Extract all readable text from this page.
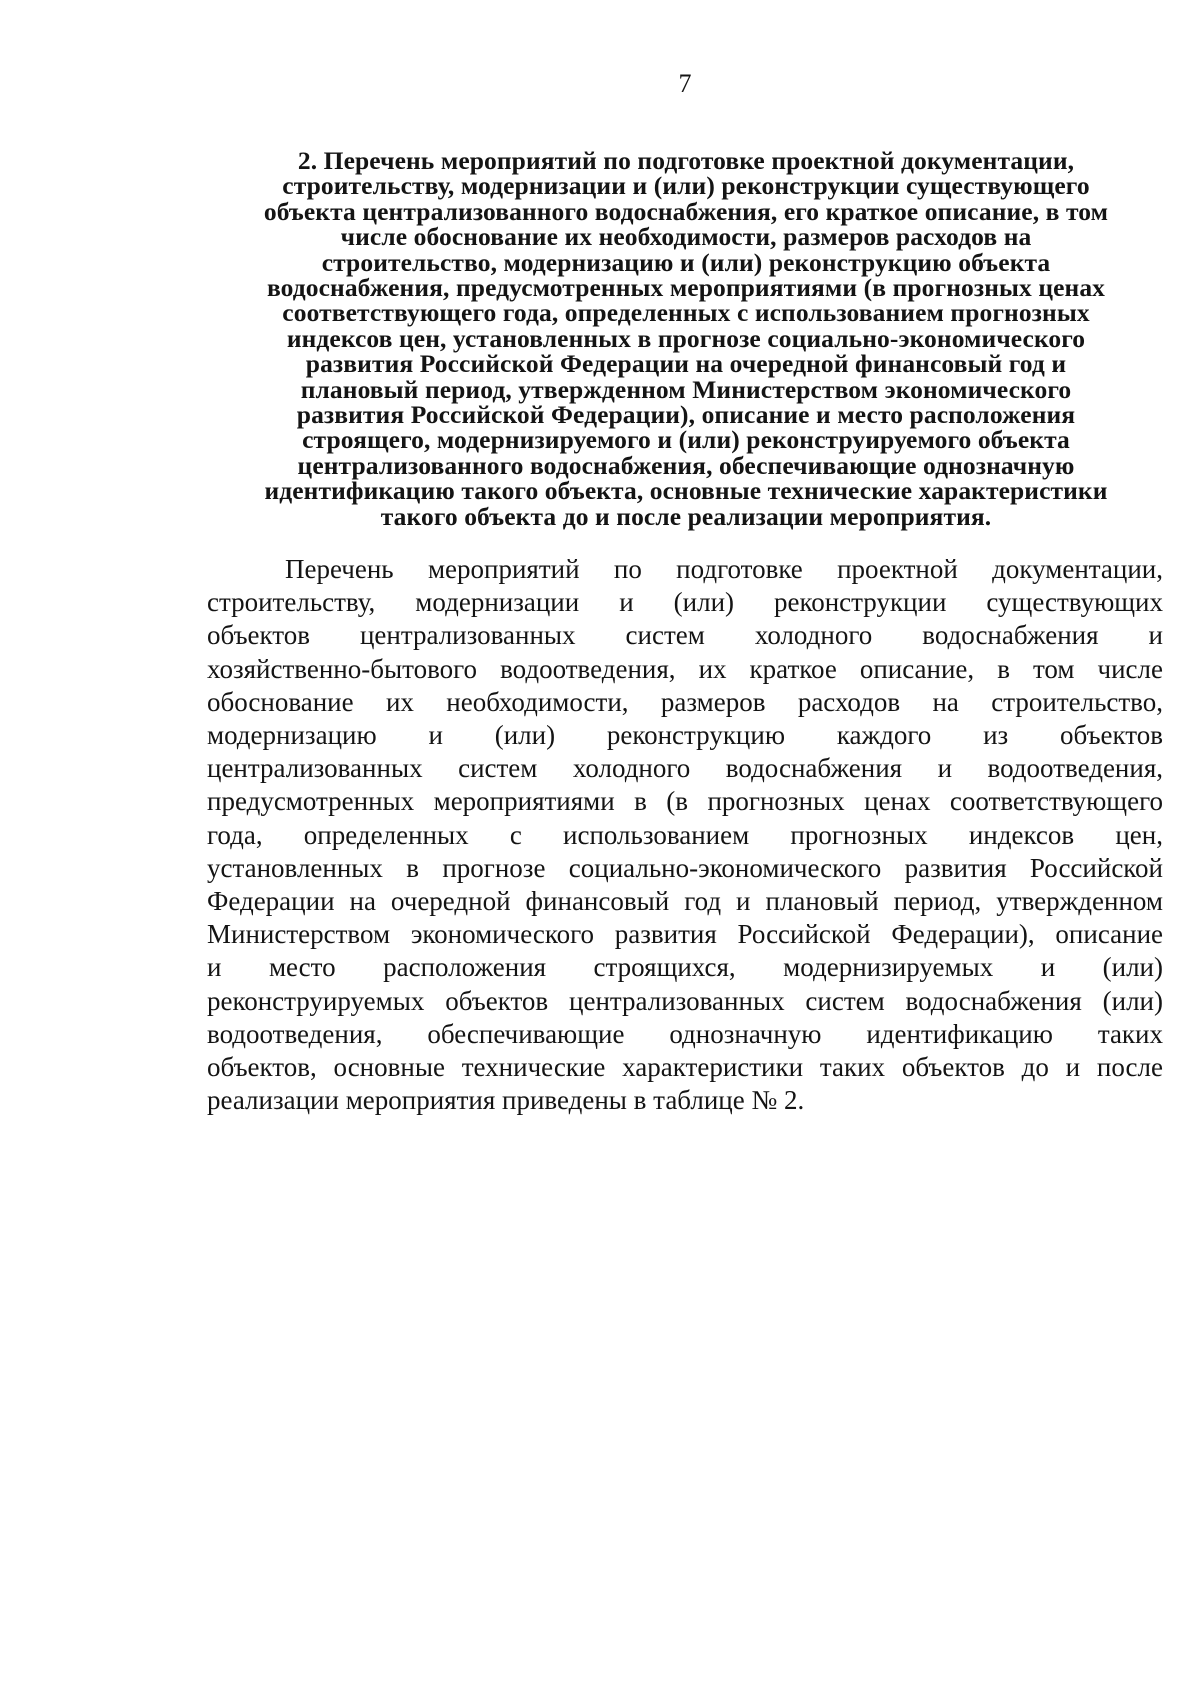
7
2. Перечень мероприятий по подготовке проектной документации,
строительству, модернизации и (или) реконструкции существующего
объекта централизованного водоснабжения, его краткое описание, в том
числе обоснование их необходимости, размеров расходов на
строительство, модернизацию и (или) реконструкцию объекта
водоснабжения, предусмотренных мероприятиями (в прогнозных ценах
соответствующего года, определенных с использованием прогнозных
индексов цен, установленных в прогнозе социально-экономического
развития Российской Федерации на очередной финансовый год и
плановый период, утвержденном Министерством экономического
развития Российской Федерации), описание и место расположения
строящего, модернизируемого и (или) реконструируемого объекта
централизованного водоснабжения, обеспечивающие однозначную
идентификацию такого объекта, основные технические характеристики
такого объекта до и после реализации мероприятия.
Перечень мероприятий по подготовке проектной документации,
строительству, модернизации и (или) реконструкции существующих
объектов централизованных систем холодного водоснабжения и
хозяйственно-бытового водоотведения, их краткое описание, в том числе
обоснование их необходимости, размеров расходов на строительство,
модернизацию и (или) реконструкцию каждого из объектов
централизованных систем холодного водоснабжения и водоотведения,
предусмотренных мероприятиями в (в прогнозных ценах соответствующего
года, определенных с использованием прогнозных индексов цен,
установленных в прогнозе социально-экономического развития Российской
Федерации на очередной финансовый год и плановый период, утвержденном
Министерством экономического развития Российской Федерации), описание
и место расположения строящихся, модернизируемых и (или)
реконструируемых объектов централизованных систем водоснабжения (или)
водоотведения, обеспечивающие однозначную идентификацию таких
объектов, основные технические характеристики таких объектов до и после
реализации мероприятия приведены в таблице № 2.
